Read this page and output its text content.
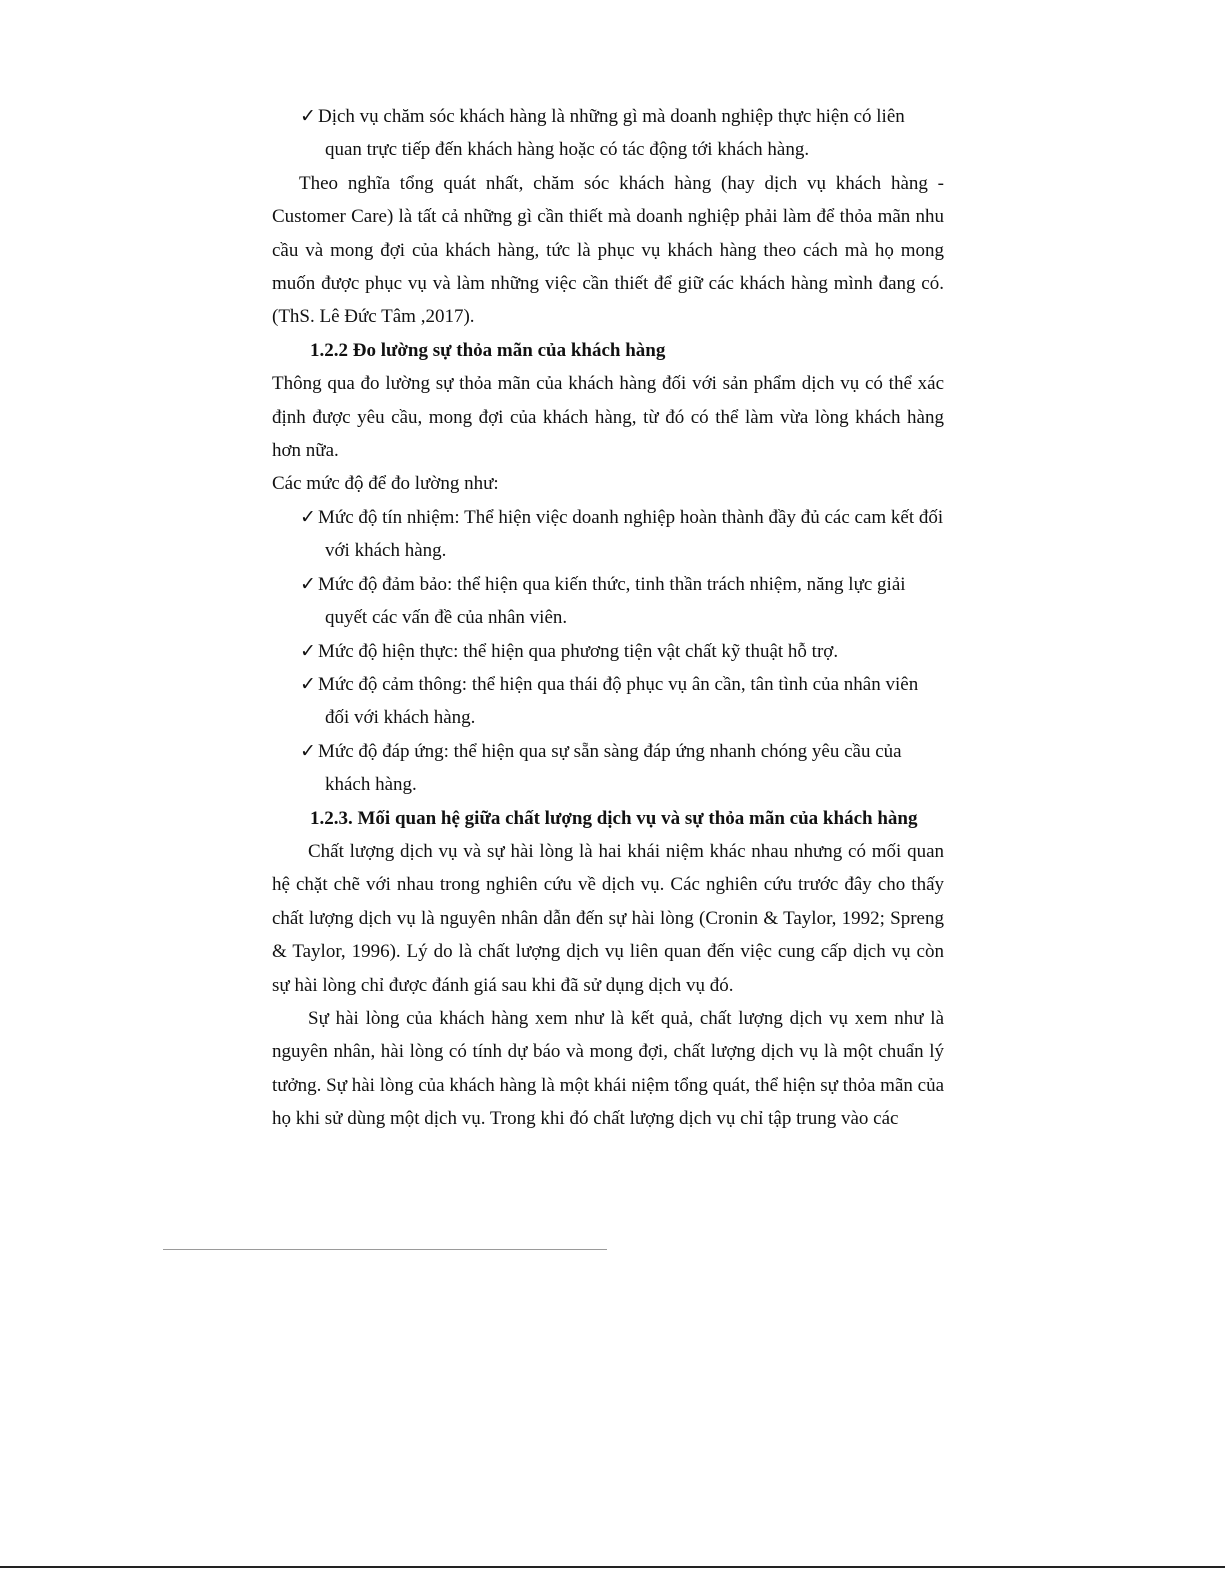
✓ Dịch vụ chăm sóc khách hàng là những gì mà doanh nghiệp thực hiện có liên quan trực tiếp đến khách hàng hoặc có tác động tới khách hàng.

Theo nghĩa tổng quát nhất, chăm sóc khách hàng (hay dịch vụ khách hàng - Customer Care) là tất cả những gì cần thiết mà doanh nghiệp phải làm để thỏa mãn nhu cầu và mong đợi của khách hàng, tức là phục vụ khách hàng theo cách mà họ mong muốn được phục vụ và làm những việc cần thiết để giữ các khách hàng mình đang có. (ThS. Lê Đức Tâm ,2017).

1.2.2 Đo lường sự thỏa mãn của khách hàng

Thông qua đo lường sự thỏa mãn của khách hàng đối với sản phẩm dịch vụ có thể xác định được yêu cầu, mong đợi của khách hàng, từ đó có thể làm vừa lòng khách hàng hơn nữa.

Các mức độ để đo lường như:

✓ Mức độ tín nhiệm: Thể hiện việc doanh nghiệp hoàn thành đầy đủ các cam kết đối với khách hàng.

✓ Mức độ đảm bảo: thể hiện qua kiến thức, tinh thần trách nhiệm, năng lực giải quyết các vấn đề của nhân viên.

✓ Mức độ hiện thực: thể hiện qua phương tiện vật chất kỹ thuật hỗ trợ.

✓ Mức độ cảm thông: thể hiện qua thái độ phục vụ ân cần, tân tình của nhân viên đối với khách hàng.

✓ Mức độ đáp ứng: thể hiện qua sự sẵn sàng đáp ứng nhanh chóng yêu cầu của khách hàng.

1.2.3. Mối quan hệ giữa chất lượng dịch vụ và sự thỏa mãn của khách hàng

Chất lượng dịch vụ và sự hài lòng là hai khái niệm khác nhau nhưng có mối quan hệ chặt chẽ với nhau trong nghiên cứu về dịch vụ. Các nghiên cứu trước đây cho thấy chất lượng dịch vụ là nguyên nhân dẫn đến sự hài lòng (Cronin & Taylor, 1992; Spreng & Taylor, 1996). Lý do là chất lượng dịch vụ liên quan đến việc cung cấp dịch vụ còn sự hài lòng chỉ được đánh giá sau khi đã sử dụng dịch vụ đó.

Sự hài lòng của khách hàng xem như là kết quả, chất lượng dịch vụ xem như là nguyên nhân, hài lòng có tính dự báo và mong đợi, chất lượng dịch vụ là một chuẩn lý tưởng. Sự hài lòng của khách hàng là một khái niệm tổng quát, thể hiện sự thỏa mãn của họ khi sử dùng một dịch vụ. Trong khi đó chất lượng dịch vụ chỉ tập trung vào các
